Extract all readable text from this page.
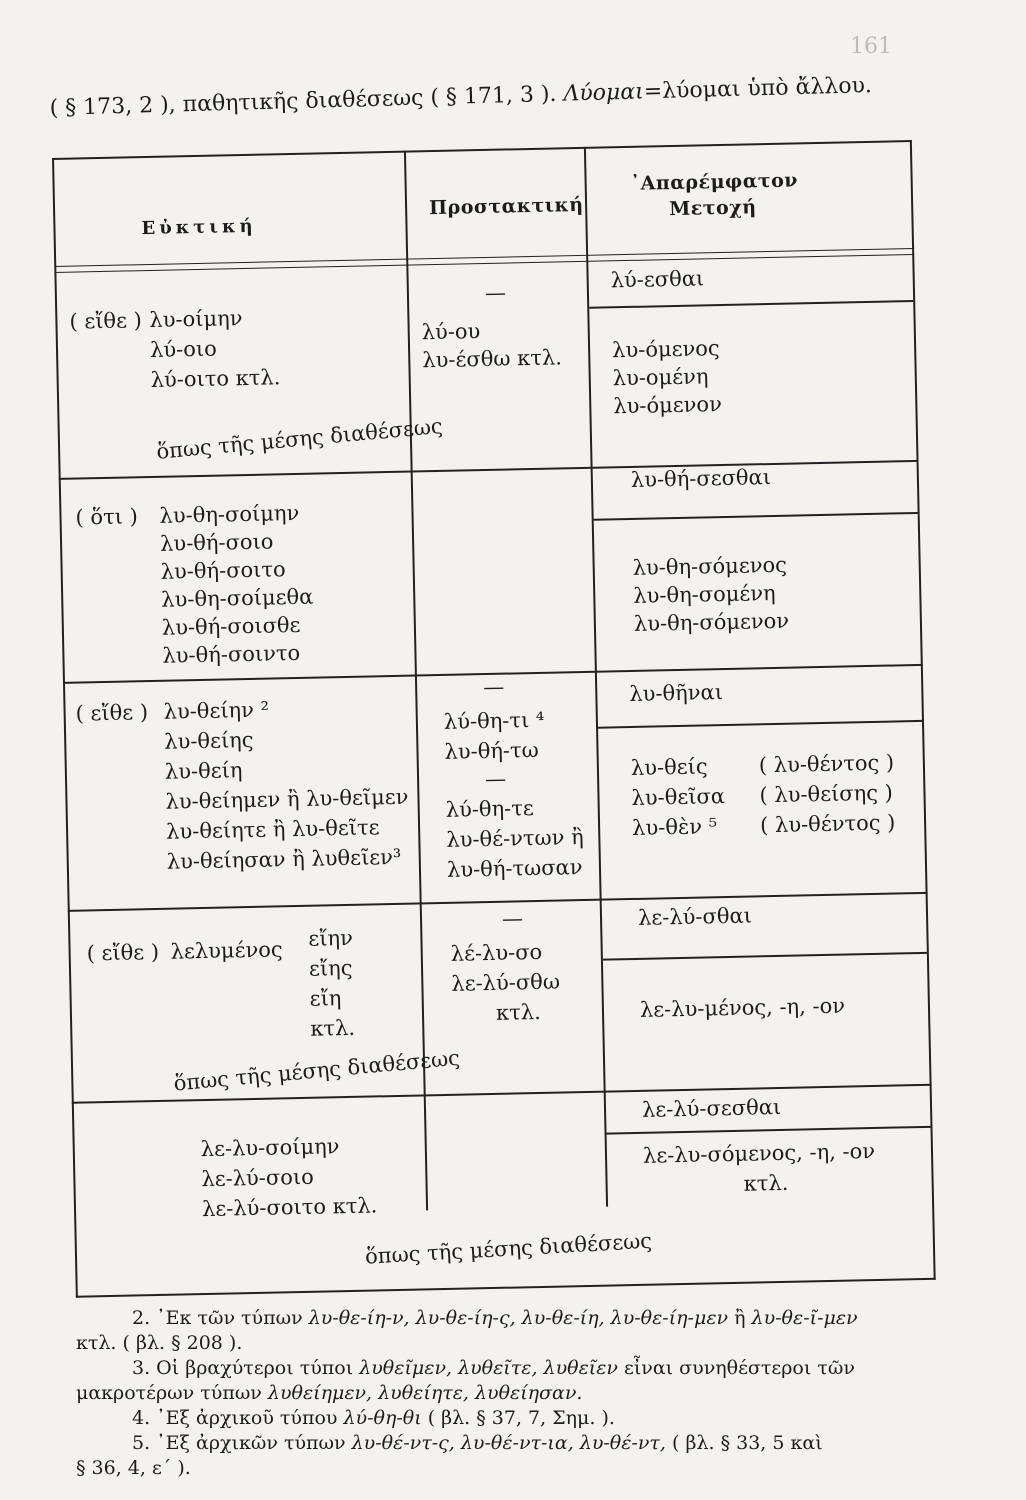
161
( § 173, 2 ), παθητικῆς διαθέσεως ( § 171, 3 ). Λύομαι=λύομαι ὑπὸ ἄλλου.
Εὐκτική
Προστακτική
᾿Απαρέμφατον
Μετοχή
( εἴθε ) λυ-οίμην
λύ-οιο
λύ-οιτο κτλ.
ὅπως τῆς μέσης διαθέσεως
—
λύ-ου
λυ-έσθω κτλ.
λύ-εσθαι
λυ-όμενος
λυ-ομένη
λυ-όμενον
( ὅτι ) λυ-θη-σοίμην
λυ-θή-σοιο
λυ-θή-σοιτο
λυ-θη-σοίμεθα
λυ-θή-σοισθε
λυ-θή-σοιντο
λυ-θή-σεσθαι
λυ-θη-σόμενος
λυ-θη-σομένη
λυ-θη-σόμενον
( εἴθε ) λυ-θείην ²
λυ-θείης
λυ-θείη
λυ-θείημεν ἢ λυ-θεῖμεν
λυ-θείητε ἢ λυ-θεῖτε
λυ-θείησαν ἢ λυθεῖεν³
—
λύ-θη-τι ⁴
λυ-θή-τω
—
λύ-θη-τε
λυ-θέ-ντων ἢ
λυ-θή-τωσαν
λυ-θῆναι
λυ-θείς
λυ-θεῖσα
λυ-θὲν ⁵
( λυ-θέντος )
( λυ-θείσης )
( λυ-θέντος )
( εἴθε ) λελυμένος εἴην
εἴης
εἴη
κτλ.
ὅπως τῆς μέσης διαθέσεως
—
λέ-λυ-σο
λε-λύ-σθω
κτλ.
λε-λύ-σθαι
λε-λυ-μένος, -η, -ον
λε-λυ-σοίμην
λε-λύ-σοιο
λε-λύ-σοιτο κτλ.
λε-λύ-σεσθαι
λε-λυ-σόμενος, -η, -ον
κτλ.
ὅπως τῆς μέσης διαθέσεως
2. ᾿Εκ τῶν τύπων λυ-θε-ίη-ν, λυ-θε-ίη-ς, λυ-θε-ίη, λυ-θε-ίη-μεν ἢ λυ-θε-ῖ-μεν
κτλ. ( βλ. § 208 ).
3. Οἱ βραχύτεροι τύποι λυθεῖμεν, λυθεῖτε, λυθεῖεν εἶναι συνηθέστεροι τῶν
μακροτέρων τύπων λυθείημεν, λυθείητε, λυθείησαν.
4. ᾿Εξ ἀρχικοῦ τύπου λύ-θη-θι ( βλ. § 37, 7, Σημ. ).
5. ᾿Εξ ἀρχικῶν τύπων λυ-θέ-ντ-ς, λυ-θέ-ντ-ια, λυ-θέ-ντ, ( βλ. § 33, 5 καὶ
§ 36, 4, ε΄ ).
